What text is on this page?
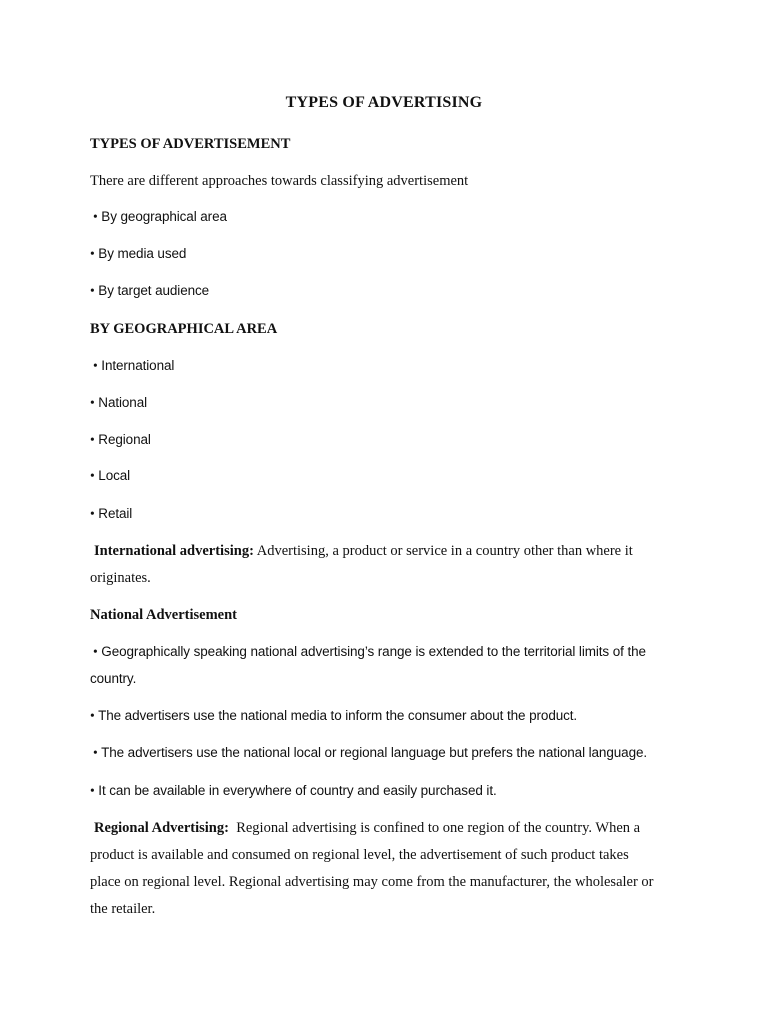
TYPES OF ADVERTISING
TYPES OF ADVERTISEMENT
There are different approaches towards classifying advertisement
• By geographical area
• By media used
• By target audience
BY GEOGRAPHICAL AREA
• International
• National
• Regional
• Local
• Retail
International advertising: Advertising, a product or service in a country other than where it
originates.
National Advertisement
• Geographically speaking national advertising’s range is extended to the territorial limits of the
country.
• The advertisers use the national media to inform the consumer about the product.
• The advertisers use the national local or regional language but prefers the national language.
• It can be available in everywhere of country and easily purchased it.
Regional Advertising:  Regional advertising is confined to one region of the country. When a
product is available and consumed on regional level, the advertisement of such product takes
place on regional level. Regional advertising may come from the manufacturer, the wholesaler or
the retailer.
